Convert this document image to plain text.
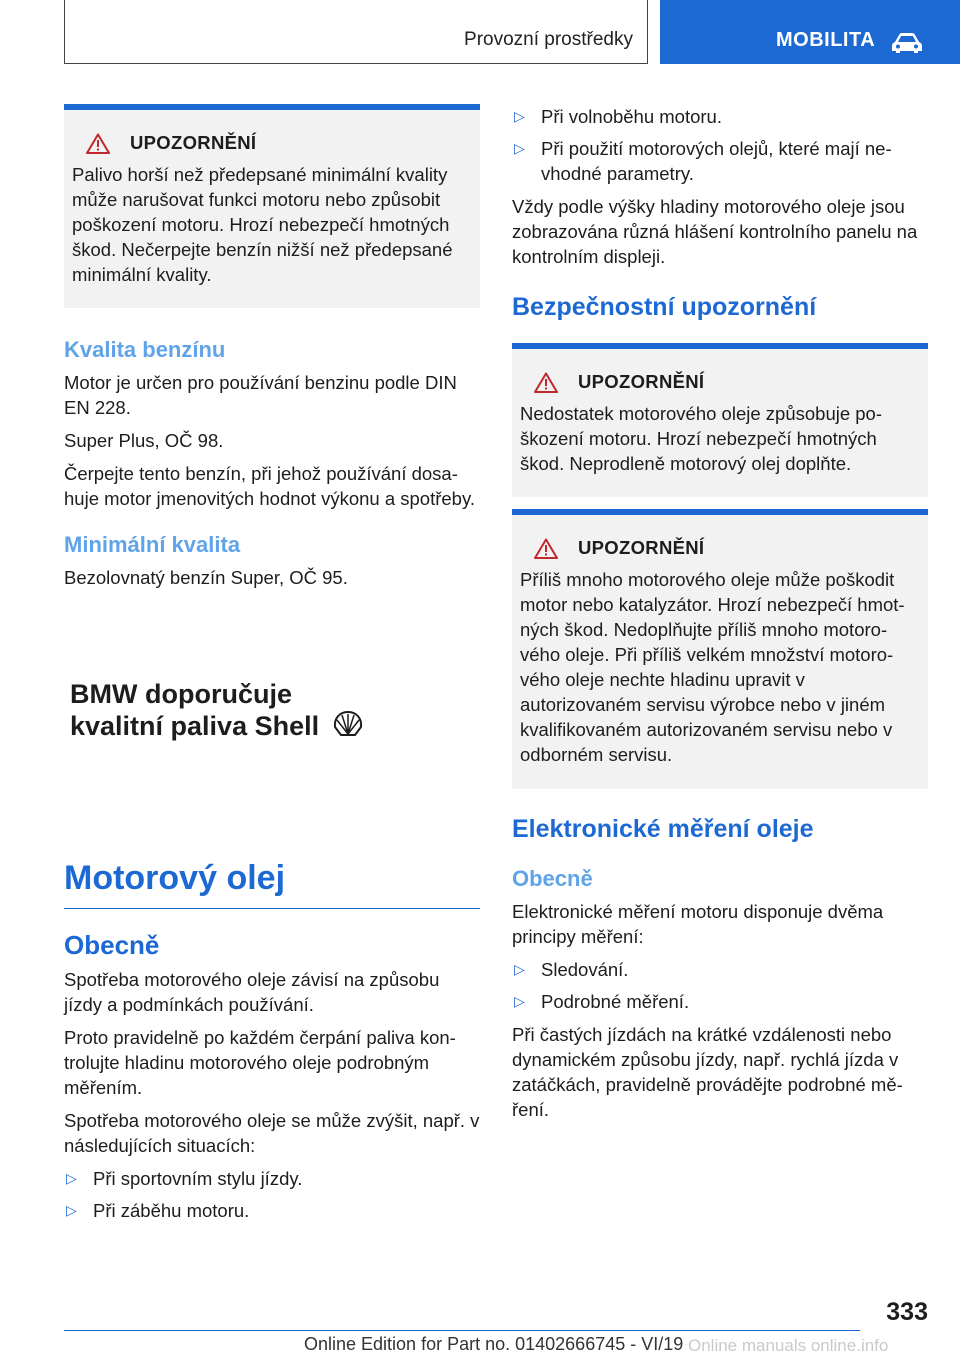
Provozní prostředky	MOBILITA
UPOZORNĚNÍ

Palivo horší než předepsané minimální kvality může narušovat funkci motoru nebo způsobit poškození motoru. Hrozí nebezpečí hmotných škod. Nečerpejte benzín nižší než předepsané minimální kvality.

Kvalita benzínu

Motor je určen pro používání benzinu podle DIN EN 228.

Super Plus, OČ 98.

Čerpejte tento benzín, při jehož používání dosahuje motor jmenovitých hodnot výkonu a spotřeby.

Minimální kvalita

Bezolovnatý benzín Super, OČ 95.

BMW doporučuje
kvalitní paliva Shell
Motorový olej
Obecně

Spotřeba motorového oleje závisí na způsobu jízdy a podmínkách používání.

Proto pravidelně po každém čerpání paliva kontrolujte hladinu motorového oleje podrobným měřením.

Spotřeba motorového oleje se může zvýšit, např. v následujících situacích:

▷ Při sportovním stylu jízdy.
▷ Při záběhu motoru.
▷ Při volnoběhu motoru.
▷ Při použití motorových olejů, které mají nevhodné parametry.

Vždy podle výšky hladiny motorového oleje jsou zobrazována různá hlášení kontrolního panelu na kontrolním displeji.

Bezpečnostní upozornění
UPOZORNĚNÍ

Nedostatek motorového oleje způsobuje poškození motoru. Hrozí nebezpečí hmotných škod. Neprodleně motorový olej doplňte.

UPOZORNĚNÍ

Příliš mnoho motorového oleje může poškodit motor nebo katalyzátor. Hrozí nebezpečí hmotných škod. Nedoplňujte příliš mnoho motorového oleje. Při příliš velkém množství motorového oleje nechte hladinu upravit v autorizovaném servisu výrobce nebo v jiném kvalifikovaném autorizovaném servisu nebo v odborném servisu.

Elektronické měření oleje
Obecně

Elektronické měření motoru disponuje dvěma principy měření:

▷ Sledování.
▷ Podrobné měření.

Při častých jízdách na krátké vzdálenosti nebo dynamickém způsobu jízdy, např. rychlá jízda v zatáčkách, pravidelně provádějte podrobné měření.

333
Online Edition for Part no. 01402666745 - VI/19 Online manuals online.info
